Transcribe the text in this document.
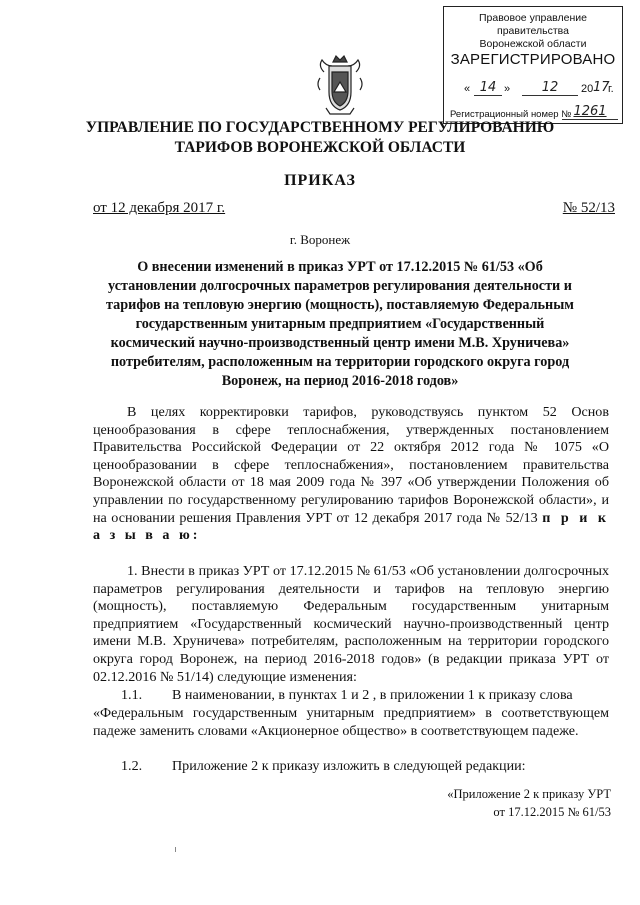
Правовое управление правительства
Воронежской области
ЗАРЕГИСТРИРОВАНО
« 14 »	12	20 17
г.
Регистрационный номер № 1261
УПРАВЛЕНИЕ ПО ГОСУДАРСТВЕННОМУ РЕГУЛИРОВАНИЮ
ТАРИФОВ ВОРОНЕЖСКОЙ ОБЛАСТИ
ПРИКАЗ
от 12 декабря 2017 г.	№ 52/13
г. Воронеж
О внесении изменений в приказ УРТ от 17.12.2015 № 61/53 «Об
установлении долгосрочных параметров регулирования деятельности и
тарифов на тепловую энергию (мощность), поставляемую Федеральным
государственным унитарным предприятием «Государственный
космический научно-производственный центр имени М.В. Хруничева»
потребителям, расположенным на территории городского округа город
Воронеж, на период 2016-2018 годов»
В целях корректировки тарифов, руководствуясь пунктом 52 Основ ценообразования в сфере теплоснабжения, утвержденных постановлением Правительства Российской Федерации от 22 октября 2012 года № 1075 «О ценообразовании в сфере теплоснабжения», постановлением правительства Воронежской области от 18 мая 2009 года № 397 «Об утверждении Положения об управлении по государственному регулированию тарифов Воронежской области», и на основании решения Правления УРТ от 12 декабря 2017 года № 52/13 п р и к а з ы в а ю:
1. Внести в приказ УРТ от 17.12.2015 № 61/53 «Об установлении долгосрочных параметров регулирования деятельности и тарифов на тепловую энергию (мощность), поставляемую Федеральным государственным унитарным предприятием «Государственный космический научно-производственный центр имени М.В. Хруничева» потребителям, расположенным на территории городского округа город Воронеж, на период 2016-2018 годов» (в редакции приказа УРТ от 02.12.2016 № 51/14) следующие изменения:
1.1. В наименовании, в пунктах 1 и 2 , в приложении 1 к приказу слова
«Федеральным государственным унитарным предприятием» в соответствующем падеже заменить словами «Акционерное общество» в соответствующем падеже.
1.2. Приложение 2 к приказу изложить в следующей редакции:
«Приложение 2 к приказу УРТ
от 17.12.2015 № 61/53
